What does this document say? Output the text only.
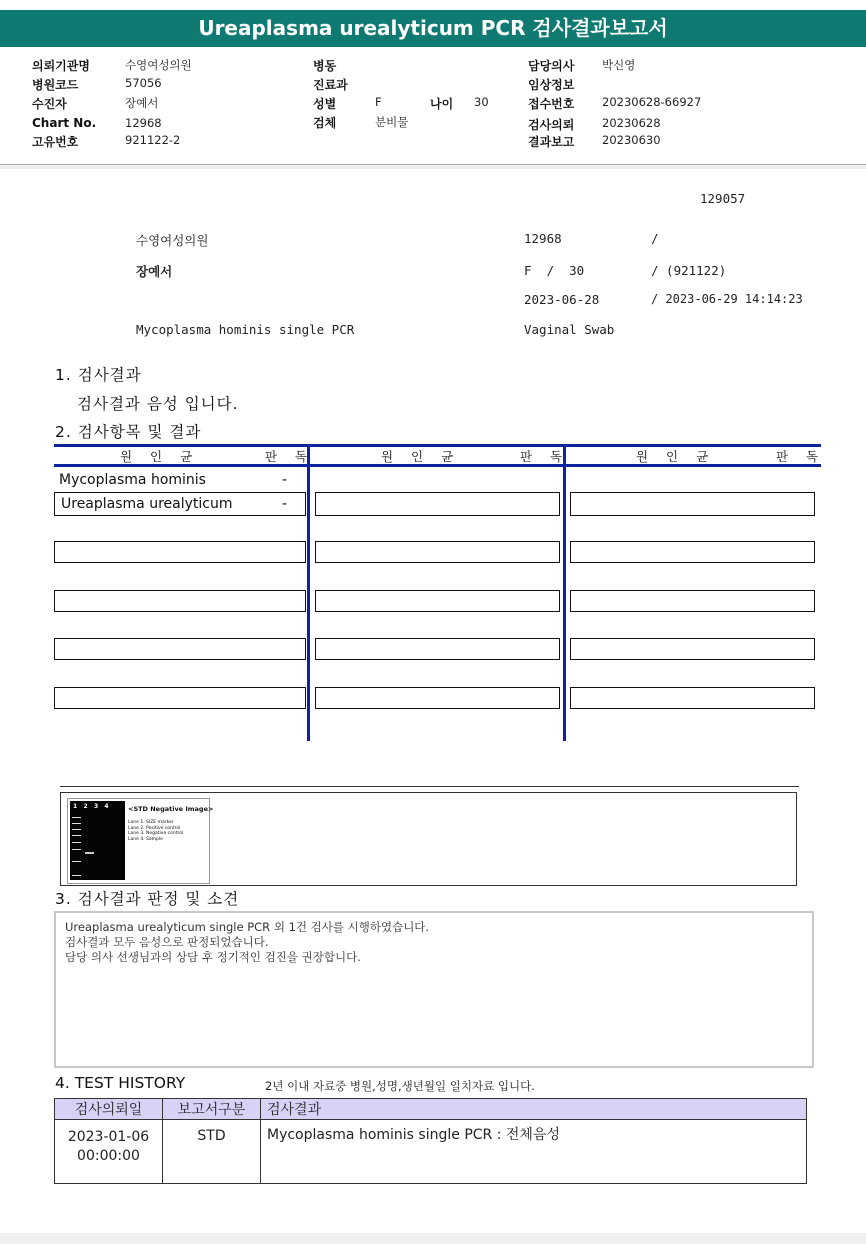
Ureaplasma urealyticum PCR 검사결과보고서
의뢰기관명	수영여성의원
병원코드	57056
수진자	장예서
Chart No.	12968
고유번호	921122-2
병동
진료과
성별	F	나이 30
검체	분비물
담당의사 박신영
임상정보
접수번호 20230628-66927
검사의뢰 20230628
결과보고 20230630
129057
수영여성의원	12968	/
장예서	F  /  30	/ (921122)
2023-06-28	/ 2023-06-29 14:14:23
Mycoplasma hominis single PCR	Vaginal Swab
1. 검사결과
검사결과 음성 입니다.
2. 검사항목 및 결과
원 인 균	판 독	원 인 균	판 독	원 인 균	판 독
Mycoplasma hominis	-
Ureaplasma urealyticum	-
1 2 3 4	<STD Negative Image>
Lane 1. SIZE marker
Lane 2. Positive control
Lane 3. Negative control
Lane 4. Sample
3. 검사결과 판정 및 소견
Ureaplasma urealyticum single PCR 외 1건 검사를 시행하였습니다.
검사결과 모두 음성으로 판정되었습니다.
담당 의사 선생님과의 상담 후 정기적인 검진을 권장합니다.
4. TEST HISTORY	2년 이내 자료중 병원,성명,생년월일 일치자료 입니다.
검사의뢰일	보고서구분	검사결과

2023-01-06
00:00:00	STD	Mycoplasma hominis single PCR : 전체음성
